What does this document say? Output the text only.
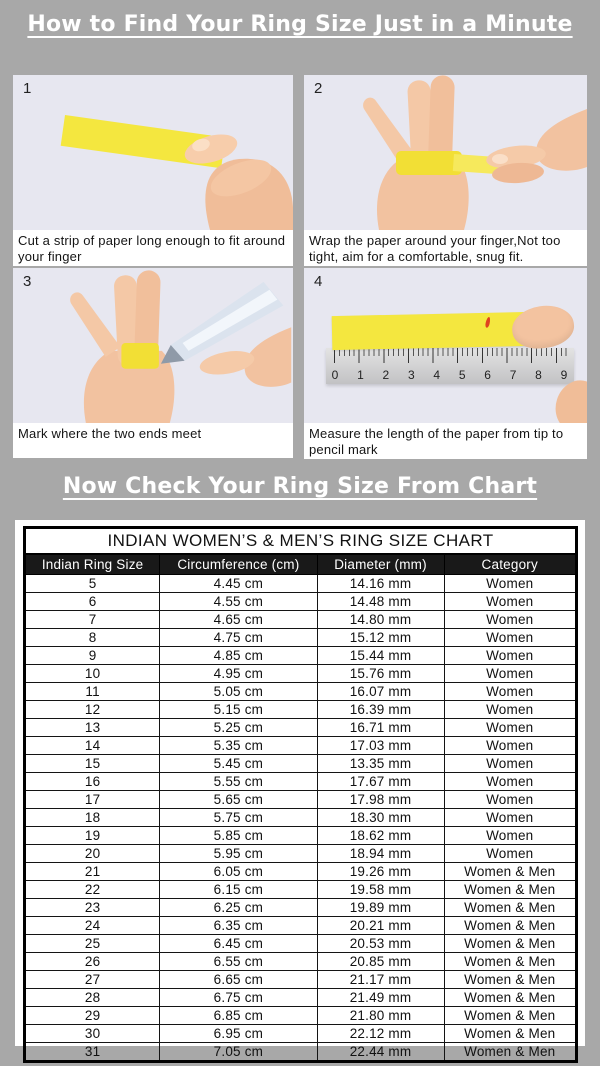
How to Find Your Ring Size Just in a Minute
1
Cut a strip of paper long enough to fit around your finger
2
Wrap the paper around your finger,Not too tight, aim for a comfortable, snug fit.
3
Mark where the two ends meet
4
0 1 2 3 4 5 6 7 8 9
Measure the length of the paper from tip to pencil mark
Now Check Your Ring Size From Chart
INDIAN WOMEN’S & MEN’S RING SIZE CHART			
Indian Ring Size	Circumference (cm)	Diameter (mm)	Category
5	4.45 cm	14.16 mm	Women
6	4.55 cm	14.48 mm	Women
7	4.65 cm	14.80 mm	Women
8	4.75 cm	15.12 mm	Women
9	4.85 cm	15.44 mm	Women
10	4.95 cm	15.76 mm	Women
11	5.05 cm	16.07 mm	Women
12	5.15 cm	16.39 mm	Women
13	5.25 cm	16.71 mm	Women
14	5.35 cm	17.03 mm	Women
15	5.45 cm	13.35 mm	Women
16	5.55 cm	17.67 mm	Women
17	5.65 cm	17.98 mm	Women
18	5.75 cm	18.30 mm	Women
19	5.85 cm	18.62 mm	Women
20	5.95 cm	18.94 mm	Women
21	6.05 cm	19.26 mm	Women & Men
22	6.15 cm	19.58 mm	Women & Men
23	6.25 cm	19.89 mm	Women & Men
24	6.35 cm	20.21 mm	Women & Men
25	6.45 cm	20.53 mm	Women & Men
26	6.55 cm	20.85 mm	Women & Men
27	6.65 cm	21.17 mm	Women & Men
28	6.75 cm	21.49 mm	Women & Men
29	6.85 cm	21.80 mm	Women & Men
30	6.95 cm	22.12 mm	Women & Men
31	7.05 cm	22.44 mm	Women & Men
